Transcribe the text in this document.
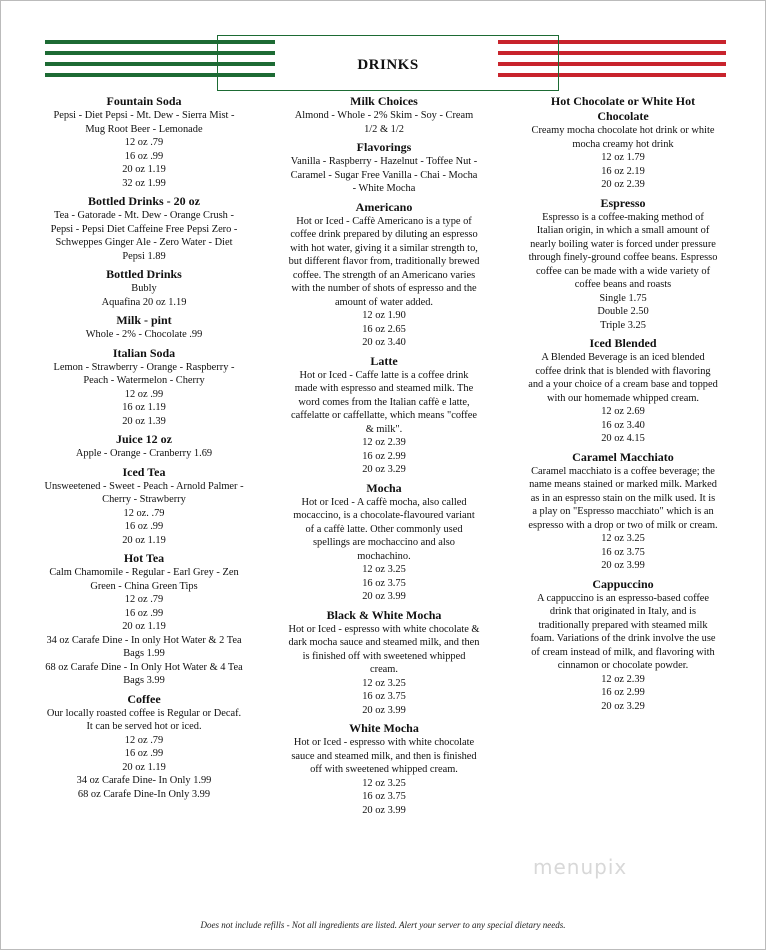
DRINKS
Fountain Soda

Pepsi - Diet Pepsi - Mt. Dew - Sierra Mist - Mug Root Beer - Lemonade

12 oz .79
16 oz .99
20 oz 1.19
32 oz 1.99
Bottled Drinks - 20 oz

Tea - Gatorade - Mt. Dew - Orange Crush - Pepsi - Pepsi Diet Caffeine Free Pepsi Zero - Schweppes Ginger Ale - Zero Water - Diet Pepsi 1.89

Bottled Drinks

Bubly

Aquafina 20 oz 1.19
Milk - pint

Whole - 2% - Chocolate .99

Italian Soda

Lemon - Strawberry - Orange - Raspberry - Peach - Watermelon - Cherry

12 oz .99
16 oz 1.19
20 oz 1.39
Juice 12 oz

Apple - Orange - Cranberry 1.69

Iced Tea

Unsweetened - Sweet - Peach - Arnold Palmer - Cherry - Strawberry

12 oz. .79
16 oz .99
20 oz 1.19
Hot Tea

Calm Chamomile - Regular - Earl Grey - Zen Green - China Green Tips

12 oz .79
16 oz .99
20 oz 1.19
34 oz Carafe Dine - In only Hot Water & 2 Tea Bags 1.99
68 oz Carafe Dine - In Only Hot Water & 4 Tea Bags 3.99
Coffee

Our locally roasted coffee is Regular or Decaf. It can be served hot or iced.

12 oz .79
16 oz .99
20 oz 1.19
34 oz Carafe Dine- In Only 1.99
68 oz Carafe Dine-In Only 3.99
Milk Choices

Almond - Whole - 2% Skim - Soy - Cream 1/2 & 1/2

Flavorings

Vanilla - Raspberry - Hazelnut - Toffee Nut - Caramel - Sugar Free Vanilla - Chai - Mocha - White Mocha

Americano

Hot or Iced - Caffè Americano is a type of coffee drink prepared by diluting an espresso with hot water, giving it a similar strength to, but different flavor from, traditionally brewed coffee. The strength of an Americano varies with the number of shots of espresso and the amount of water added.

12 oz 1.90
16 oz 2.65
20 oz 3.40
Latte

Hot or Iced - Caffe latte is a coffee drink made with espresso and steamed milk. The word comes from the Italian caffè e latte, caffelatte or caffellatte, which means "coffee & milk".

12 oz 2.39
16 oz 2.99
20 oz 3.29
Mocha

Hot or Iced - A caffè mocha, also called mocaccino, is a chocolate-flavoured variant of a caffè latte. Other commonly used spellings are mochaccino and also mochachino.

12 oz 3.25
16 oz 3.75
20 oz 3.99
Black & White Mocha

Hot or Iced - espresso with white chocolate & dark mocha sauce and steamed milk, and then is finished off with sweetened whipped cream.

12 oz 3.25
16 oz 3.75
20 oz 3.99
White Mocha

Hot or Iced - espresso with white chocolate sauce and steamed milk, and then is finished off with sweetened whipped cream.

12 oz 3.25
16 oz 3.75
20 oz 3.99
Hot Chocolate or White Hot Chocolate

Creamy mocha chocolate hot drink or white mocha creamy hot drink

12 oz 1.79
16 oz 2.19
20 oz 2.39
Espresso

Espresso is a coffee-making method of Italian origin, in which a small amount of nearly boiling water is forced under pressure through finely-ground coffee beans. Espresso coffee can be made with a wide variety of coffee beans and roasts

Single 1.75
Double 2.50
Triple 3.25
Iced Blended

A Blended Beverage is an iced blended coffee drink that is blended with flavoring and a your choice of a cream base and topped with our homemade whipped cream.

12 oz 2.69
16 oz 3.40
20 oz 4.15
Caramel Macchiato

Caramel macchiato is a coffee beverage; the name means stained or marked milk. Marked as in an espresso stain on the milk used. It is a play on "Espresso macchiato" which is an espresso with a drop or two of milk or cream.

12 oz 3.25
16 oz 3.75
20 oz 3.99
Cappuccino

A cappuccino is an espresso-based coffee drink that originated in Italy, and is traditionally prepared with steamed milk foam. Variations of the drink involve the use of cream instead of milk, and flavoring with cinnamon or chocolate powder.

12 oz 2.39
16 oz 2.99
20 oz 3.29
Does not include refills - Not all ingredients are listed. Alert your server to any special dietary needs.
menupix
